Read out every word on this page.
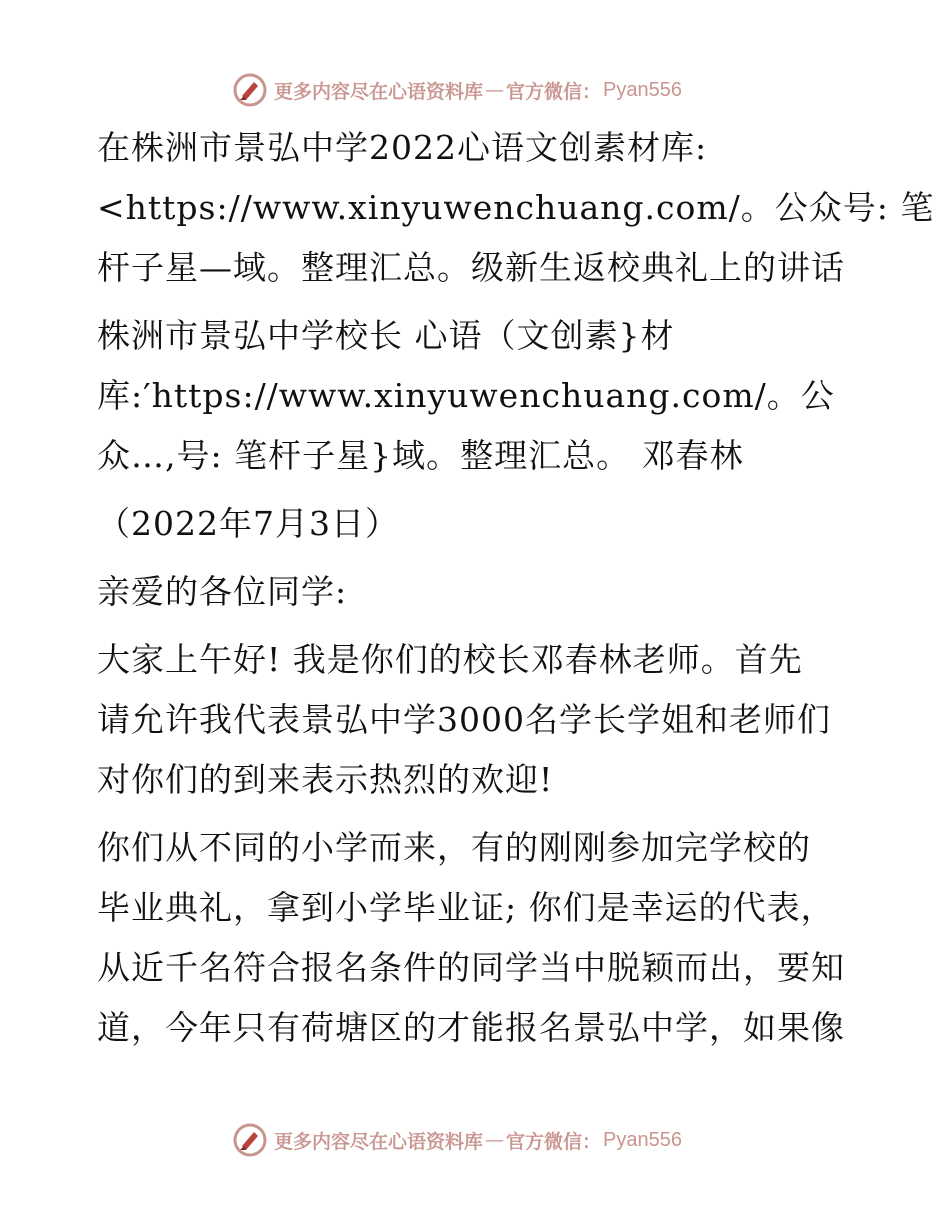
更多内容尽在心语资料库 — 官方微信： Pyan556
在株洲市景弘中学2022心语文创素材库:
<https://www.xinyuwenchuang.com/。公众号: 笔
杆子星—域。整理汇总。级新生返校典礼上的讲话
株洲市景弘中学校长 心语（文创素}材
库:′https://www.xinyuwenchuang.com/。公
众…,号: 笔杆子星}域。整理汇总。 邓春林
（2022年7月3日）
亲爱的各位同学:
大家上午好! 我是你们的校长邓春林老师。首先
请允许我代表景弘中学3000名学长学姐和老师们
对你们的到来表示热烈的欢迎!
你们从不同的小学而来，有的刚刚参加完学校的
毕业典礼，拿到小学毕业证; 你们是幸运的代表，
从近千名符合报名条件的同学当中脱颖而出，要知
道，今年只有荷塘区的才能报名景弘中学，如果像
更多内容尽在心语资料库 — 官方微信： Pyan556
